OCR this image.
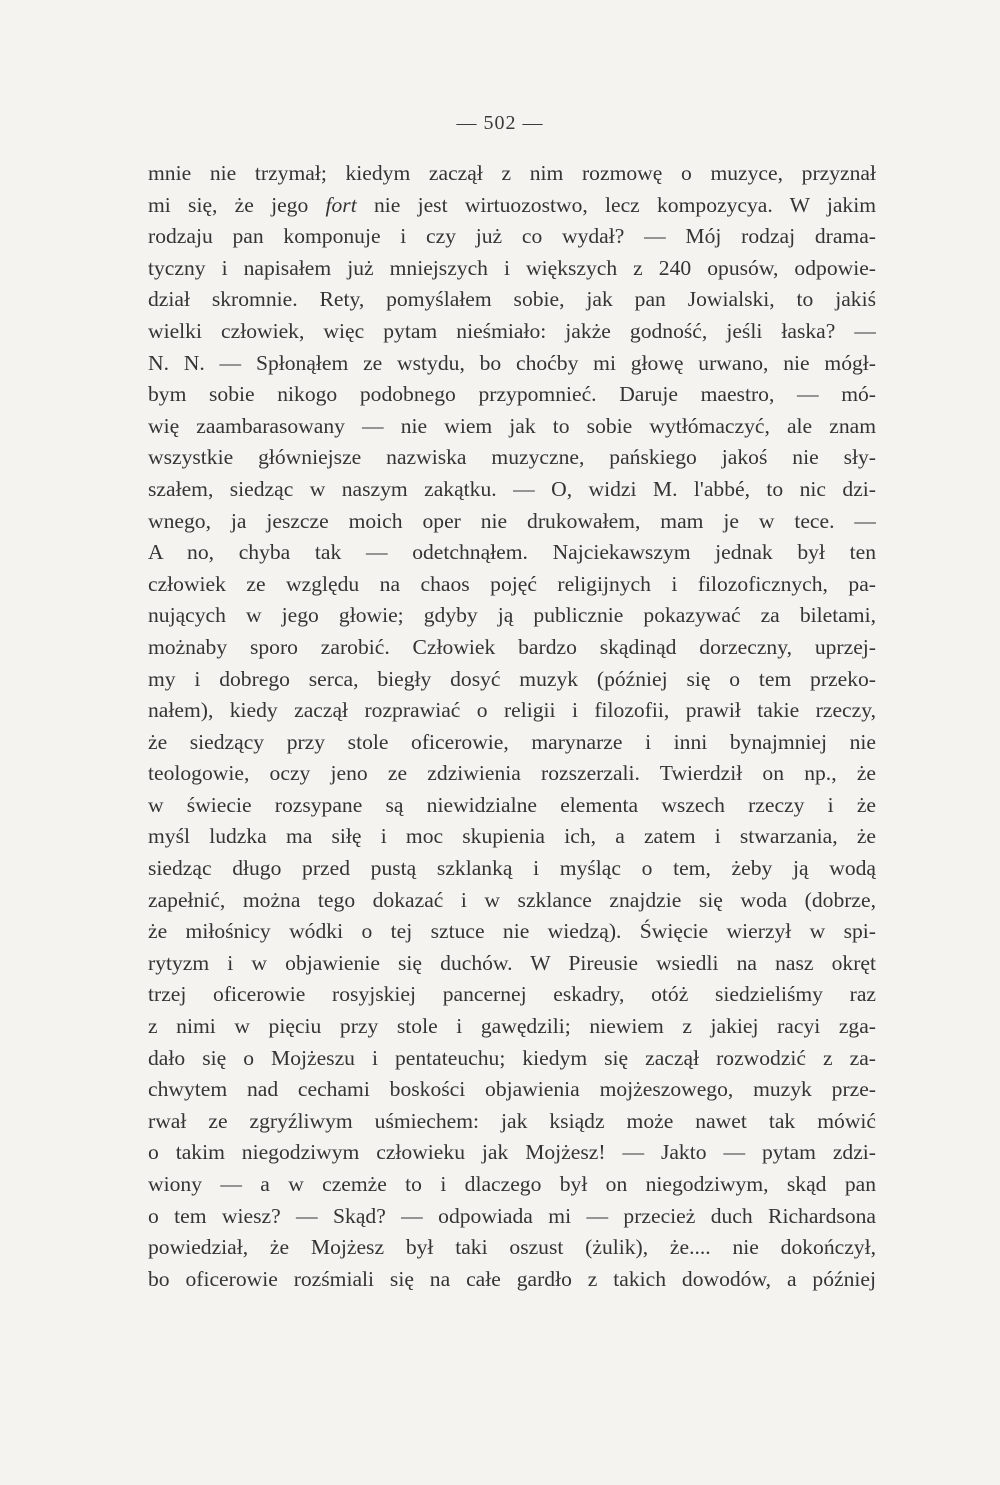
— 502 —
mnie nie trzymał; kiedym zaczął z nim rozmowę o muzyce, przyznał
mi się, że jego fort nie jest wirtuozostwo, lecz kompozycya. W jakim
rodzaju pan komponuje i czy już co wydał? — Mój rodzaj drama-
tyczny i napisałem już mniejszych i większych z 240 opusów, odpowie-
dział skromnie. Rety, pomyślałem sobie, jak pan Jowialski, to jakiś
wielki człowiek, więc pytam nieśmiało: jakże godność, jeśli łaska? —
N. N. — Spłonąłem ze wstydu, bo choćby mi głowę urwano, nie mógł-
bym sobie nikogo podobnego przypomnieć. Daruje maestro, — mó-
wię zaambarasowany — nie wiem jak to sobie wytłómaczyć, ale znam
wszystkie główniejsze nazwiska muzyczne, pańskiego jakoś nie sły-
szałem, siedząc w naszym zakątku. — O, widzi M. l'abbé, to nic dzi-
wnego, ja jeszcze moich oper nie drukowałem, mam je w tece. —
A no, chyba tak — odetchnąłem. Najciekawszym jednak był ten
człowiek ze względu na chaos pojęć religijnych i filozoficznych, pa-
nujących w jego głowie; gdyby ją publicznie pokazywać za biletami,
możnaby sporo zarobić. Człowiek bardzo skądinąd dorzeczny, uprzej-
my i dobrego serca, biegły dosyć muzyk (później się o tem przeko-
nałem), kiedy zaczął rozprawiać o religii i filozofii, prawił takie rzeczy,
że siedzący przy stole oficerowie, marynarze i inni bynajmniej nie
teologowie, oczy jeno ze zdziwienia rozszerzali. Twierdził on np., że
w świecie rozsypane są niewidzialne elementa wszech rzeczy i że
myśl ludzka ma siłę i moc skupienia ich, a zatem i stwarzania, że
siedząc długo przed pustą szklanką i myśląc o tem, żeby ją wodą
zapełnić, można tego dokazać i w szklance znajdzie się woda (dobrze,
że miłośnicy wódki o tej sztuce nie wiedzą). Święcie wierzył w spi-
rytyzm i w objawienie się duchów. W Pireusie wsiedli na nasz okręt
trzej oficerowie rosyjskiej pancernej eskadry, otóż siedzieliśmy raz
z nimi w pięciu przy stole i gawędzili; niewiem z jakiej racyi zga-
dało się o Mojżeszu i pentateuchu; kiedym się zaczął rozwodzić z za-
chwytem nad cechami boskości objawienia mojżeszowego, muzyk prze-
rwał ze zgryźliwym uśmiechem: jak ksiądz może nawet tak mówić
o takim niegodziwym człowieku jak Mojżesz! — Jakto — pytam zdzi-
wiony — a w czemże to i dlaczego był on niegodziwym, skąd pan
o tem wiesz? — Skąd? — odpowiada mi — przecież duch Richardsona
powiedział, że Mojżesz był taki oszust (żulik), że.... nie dokończył,
bo oficerowie rozśmiali się na całe gardło z takich dowodów, a później
